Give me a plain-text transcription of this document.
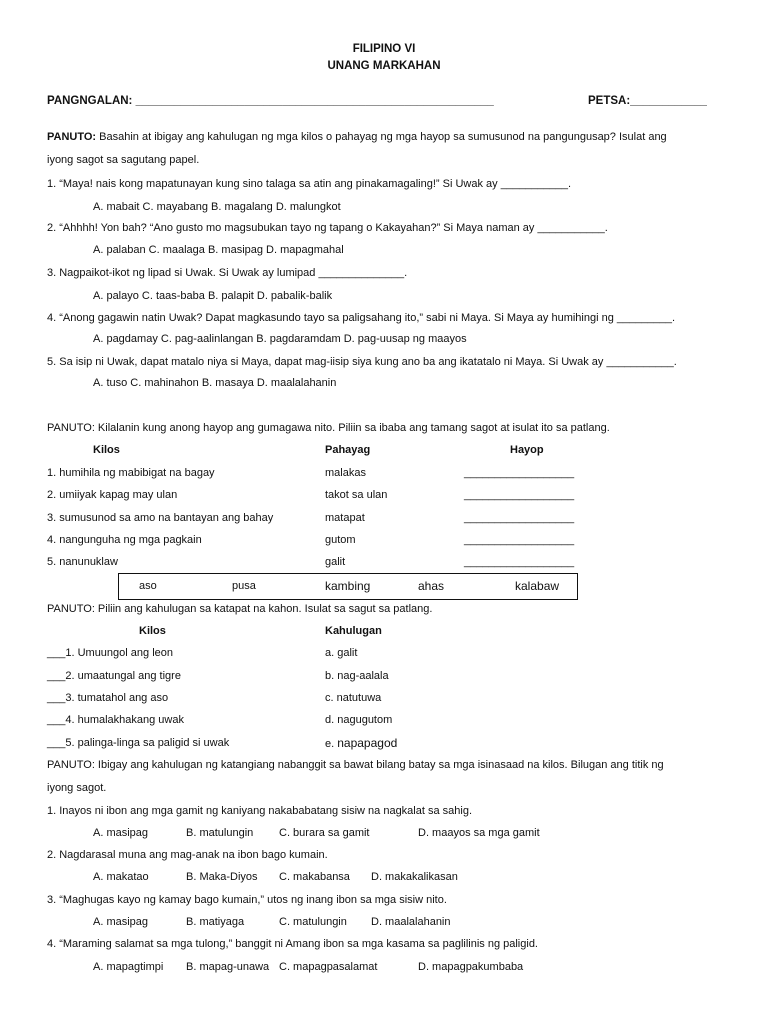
FILIPINO VI
UNANG MARKAHAN
PANGNGALAN: ________________________________________________________	PETSA:____________
PANUTO: Basahin at ibigay ang kahulugan ng mga kilos o pahayag ng mga hayop sa sumusunod na pangungusap? Isulat ang
iyong sagot sa sagutang papel.
1. “Maya! nais kong mapatunayan kung sino talaga sa atin ang pinakamagaling!” Si Uwak ay ___________.
A. mabait C. mayabang B. magalang D. malungkot
2. “Ahhhh! Yon bah? “Ano gusto mo magsubukan tayo ng tapang o Kakayahan?” Si Maya naman ay ___________.
A. palaban C. maalaga B. masipag D. mapagmahal
3. Nagpaikot-ikot ng lipad si Uwak. Si Uwak ay lumipad ______________.
A. palayo C. taas-baba B. palapit D. pabalik-balik
4. “Anong gagawin natin Uwak? Dapat magkasundo tayo sa paligsahang ito,” sabi ni Maya. Si Maya ay humihingi ng _________.
A. pagdamay C. pag-aalinlangan B. pagdaramdam D. pag-uusap ng maayos
5. Sa isip ni Uwak, dapat matalo niya si Maya, dapat mag-iisip siya kung ano ba ang ikatatalo ni Maya. Si Uwak ay ___________.
A. tuso C. mahinahon B. masaya D. maalalahanin
PANUTO: Kilalanin kung anong hayop ang gumagawa nito. Piliin sa ibaba ang tamang sagot at isulat ito sa patlang.
Kilos	Pahayag	Hayop
1. humihila ng mabibigat na bagay	malakas	__________________
2. umiiyak kapag may ulan	takot sa ulan	__________________
3. sumusunod sa amo na bantayan ang bahay	matapat	__________________
4. nangunguha ng mga pagkain	gutom	__________________
5. nanunuklaw	galit	__________________
aso	pusa	kambing	ahas	kalabaw
PANUTO: Piliin ang kahulugan sa katapat na kahon. Isulat sa sagut sa patlang.
Kilos	Kahulugan
___1. Umuungol ang leon	a. galit
___2. umaatungal ang tigre	b. nag-aalala
___3. tumatahol ang aso	c. natutuwa
___4. humalakhakang uwak	d. nagugutom
___5. palinga-linga sa paligid si uwak	e. napapagod
PANUTO: Ibigay ang kahulugan ng katangiang nabanggit sa bawat bilang batay sa mga isinasaad na kilos. Bilugan ang titik ng
iyong sagot.
1. Inayos ni ibon ang mga gamit ng kaniyang nakababatang sisiw na nagkalat sa sahig.
A. masipag	B. matulungin C. burara sa gamit	D. maayos sa mga gamit
2. Nagdarasal muna ang mag-anak na ibon bago kumain.
A. makatao	B. Maka-Diyos C. makabansa D. makakalikasan
3. “Maghugas kayo ng kamay bago kumain,” utos ng inang ibon sa mga sisiw nito.
A. masipag	B. matiyaga	C. matulungin D. maalalahanin
4. “Maraming salamat sa mga tulong,” banggit ni Amang ibon sa mga kasama sa paglilinis ng paligid.
A. mapagtimpi B. mapag-unawa C. mapagpasalamat	D. mapagpakumbaba
